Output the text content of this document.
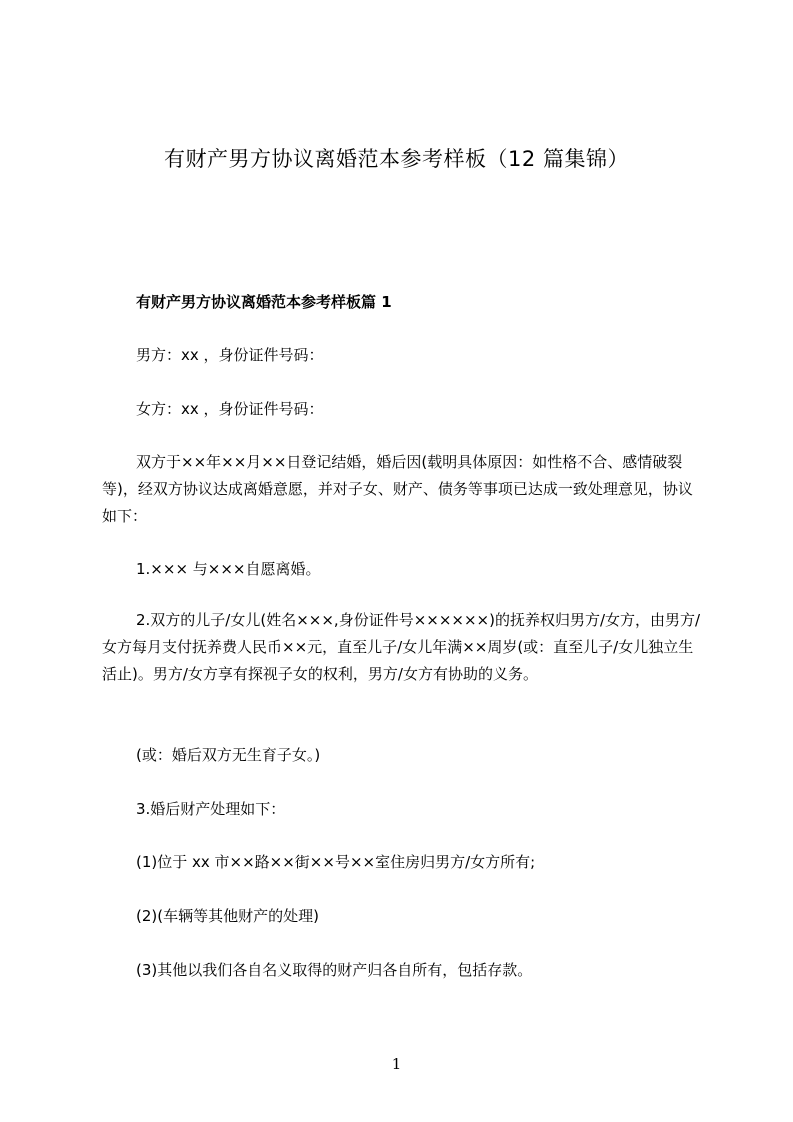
有财产男方协议离婚范本参考样板（12 篇集锦）

有财产男方协议离婚范本参考样板篇 1

男方：xx ，身份证件号码：

女方：xx ，身份证件号码：

双方于××年××月××日登记结婚，婚后因(载明具体原因：如性格不合、感情破裂等)，经双方协议达成离婚意愿，并对子女、财产、债务等事项已达成一致处理意见，协议如下：

1.××× 与×××自愿离婚。

2.双方的儿子/女儿(姓名×××,身份证件号××××××)的抚养权归男方/女方，由男方/女方每月支付抚养费人民币××元，直至儿子/女儿年满××周岁(或：直至儿子/女儿独立生活止)。男方/女方享有探视子女的权利，男方/女方有协助的义务。

(或：婚后双方无生育子女。)

3.婚后财产处理如下：

(1)位于 xx 市××路××街××号××室住房归男方/女方所有;

(2)(车辆等其他财产的处理)

(3)其他以我们各自名义取得的财产归各自所有，包括存款。

1
